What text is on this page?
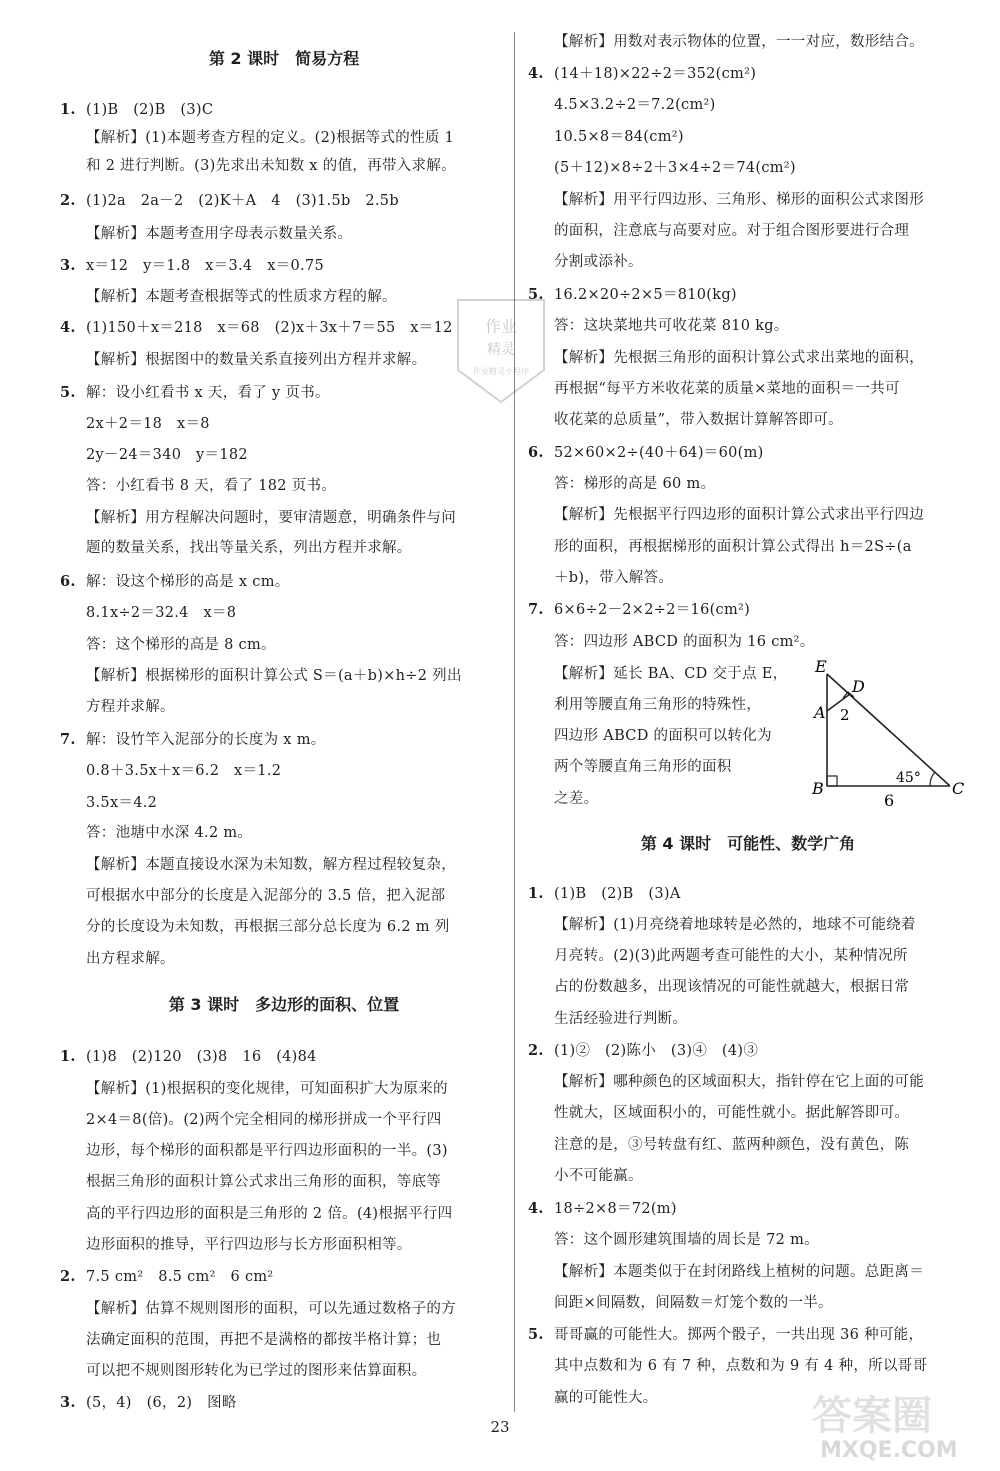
第 2 课时　简易方程
1. (1)B　(2)B　(3)C
【解析】(1)本题考查方程的定义。(2)根据等式的性质 1
和 2 进行判断。(3)先求出未知数 x 的值，再带入求解。
2. (1)2a　2a－2　(2)K＋A　4　(3)1.5b　2.5b
【解析】本题考查用字母表示数量关系。
3. x＝12　y＝1.8　x＝3.4　x＝0.75
【解析】本题考查根据等式的性质求方程的解。
4. (1)150＋x＝218　x＝68　(2)x＋3x＋7＝55　x＝12
【解析】根据图中的数量关系直接列出方程并求解。
5. 解：设小红看书 x 天，看了 y 页书。
2x＋2＝18　x＝8
2y－24＝340　y＝182
答：小红看书 8 天，看了 182 页书。
【解析】用方程解决问题时，要审清题意，明确条件与问
题的数量关系，找出等量关系，列出方程并求解。
6. 解：设这个梯形的高是 x cm。
8.1x÷2＝32.4　x＝8
答：这个梯形的高是 8 cm。
【解析】根据梯形的面积计算公式 S＝(a＋b)×h÷2 列出
方程并求解。
7. 解：设竹竿入泥部分的长度为 x m。
0.8＋3.5x＋x＝6.2　x＝1.2
3.5x＝4.2
答：池塘中水深 4.2 m。
【解析】本题直接设水深为未知数，解方程过程较复杂，
可根据水中部分的长度是入泥部分的 3.5 倍，把入泥部
分的长度设为未知数，再根据三部分总长度为 6.2 m 列
出方程求解。
第 3 课时　多边形的面积、位置
1. (1)8　(2)120　(3)8　16　(4)84
【解析】(1)根据积的变化规律，可知面积扩大为原来的
2×4＝8(倍)。(2)两个完全相同的梯形拼成一个平行四
边形，每个梯形的面积都是平行四边形面积的一半。(3)
根据三角形的面积计算公式求出三角形的面积，等底等
高的平行四边形的面积是三角形的 2 倍。(4)根据平行四
边形面积的推导，平行四边形与长方形面积相等。
2. 7.5 cm²　8.5 cm²　6 cm²
【解析】估算不规则图形的面积，可以先通过数格子的方
法确定面积的范围，再把不是满格的都按半格计算；也
可以把不规则图形转化为已学过的图形来估算面积。
3. (5，4)　(6，2)　图略
【解析】用数对表示物体的位置，一一对应，数形结合。
4. (14＋18)×22÷2＝352(cm²)
4.5×3.2÷2＝7.2(cm²)
10.5×8＝84(cm²)
(5＋12)×8÷2＋3×4÷2＝74(cm²)
【解析】用平行四边形、三角形、梯形的面积公式求图形
的面积，注意底与高要对应。对于组合图形要进行合理
分割或添补。
5. 16.2×20÷2×5＝810(kg)
答：这块菜地共可收花菜 810 kg。
【解析】先根据三角形的面积计算公式求出菜地的面积，
再根据“每平方米收花菜的质量×菜地的面积＝一共可
收花菜的总质量”，带入数据计算解答即可。
6. 52×60×2÷(40＋64)＝60(m)
答：梯形的高是 60 m。
【解析】先根据平行四边形的面积计算公式求出平行四边
形的面积，再根据梯形的面积计算公式得出 h＝2S÷(a
＋b)，带入解答。
7. 6×6÷2－2×2÷2＝16(cm²)
答：四边形 ABCD 的面积为 16 cm²。
【解析】延长 BA、CD 交于点 E，
利用等腰直角三角形的特殊性，
四边形 ABCD 的面积可以转化为
两个等腰直角三角形的面积
之差。
第 4 课时　可能性、数学广角
1. (1)B　(2)B　(3)A
【解析】(1)月亮绕着地球转是必然的，地球不可能绕着
月亮转。(2)(3)此两题考查可能性的大小，某种情况所
占的份数越多，出现该情况的可能性就越大，根据日常
生活经验进行判断。
2. (1)②　(2)陈小　(3)④　(4)③
【解析】哪种颜色的区域面积大，指针停在它上面的可能
性就大，区域面积小的，可能性就小。据此解答即可。
注意的是，③号转盘有红、蓝两种颜色，没有黄色，陈
小不可能赢。
4. 18÷2×8＝72(m)
答：这个圆形建筑围墙的周长是 72 m。
【解析】本题类似于在封闭路线上植树的问题。总距离＝
间距×间隔数，间隔数＝灯笼个数的一半。
5. 哥哥赢的可能性大。掷两个骰子，一共出现 36 种可能，
其中点数和为 6 有 7 种，点数和为 9 有 4 种，所以哥哥
赢的可能性大。
E
D
A
B	C
45°
2
6
作业
精灵
作业精灵小程序
23	答案圈
MXQE.COM
